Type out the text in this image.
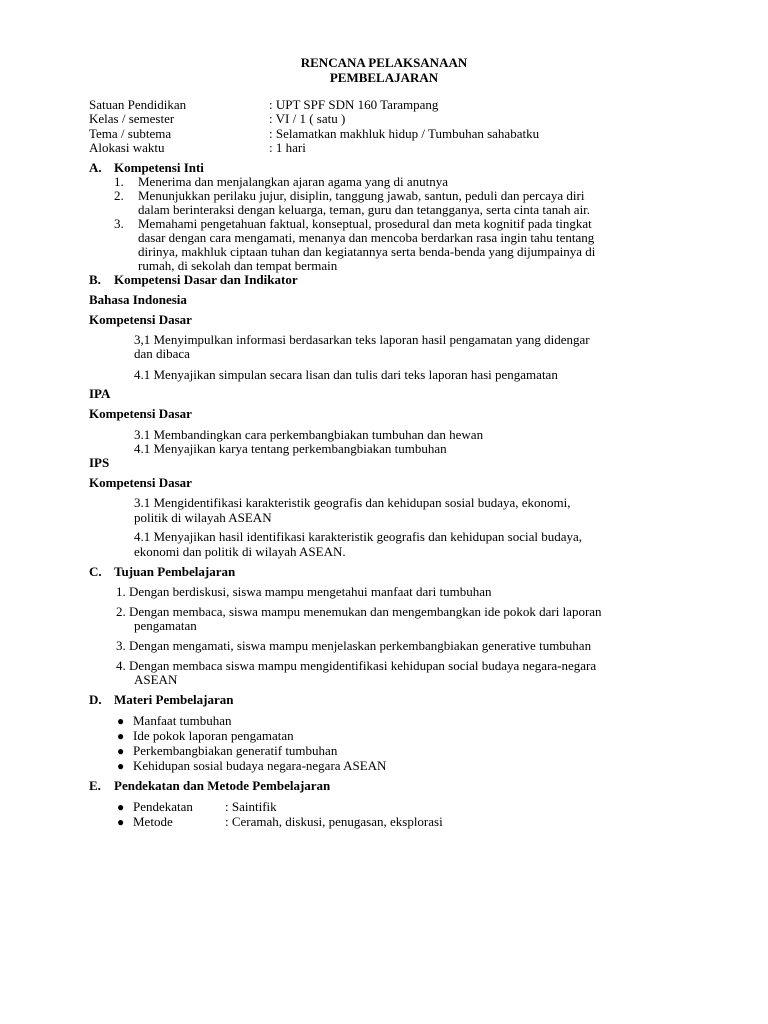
RENCANA PELAKSANAAN
PEMBELAJARAN
Satuan Pendidikan	: UPT SPF SDN 160 Tarampang
Kelas / semester	: VI / 1 ( satu )
Tema / subtema	: Selamatkan makhluk hidup / Tumbuhan sahabatku
Alokasi waktu	: 1 hari
A. Kompetensi Inti
1. Menerima dan menjalangkan ajaran agama yang di anutnya
2. Menunjukkan perilaku jujur, disiplin, tanggung jawab, santun, peduli dan percaya diri
dalam berinteraksi dengan keluarga, teman, guru dan tetangganya, serta cinta tanah air.
3. Memahami pengetahuan faktual, konseptual, prosedural dan meta kognitif pada tingkat
dasar dengan cara mengamati, menanya dan mencoba berdarkan rasa ingin tahu tentang
dirinya, makhluk ciptaan tuhan dan kegiatannya serta benda-benda yang dijumpainya di
rumah, di sekolah dan tempat bermain
B. Kompetensi Dasar dan Indikator
Bahasa Indonesia
Kompetensi Dasar
3,1 Menyimpulkan informasi berdasarkan teks laporan hasil pengamatan yang didengar
dan dibaca
4.1 Menyajikan simpulan secara lisan dan tulis dari teks laporan hasi pengamatan
IPA
Kompetensi Dasar
3.1 Membandingkan cara perkembangbiakan tumbuhan dan hewan
4.1 Menyajikan karya tentang perkembangbiakan tumbuhan
IPS
Kompetensi Dasar
3.1 Mengidentifikasi karakteristik geografis dan kehidupan sosial budaya, ekonomi,
politik di wilayah ASEAN
4.1 Menyajikan hasil identifikasi karakteristik geografis dan kehidupan social budaya,
ekonomi dan politik di wilayah ASEAN.
C. Tujuan Pembelajaran
1. Dengan berdiskusi, siswa mampu mengetahui manfaat dari tumbuhan
2. Dengan membaca, siswa mampu menemukan dan mengembangkan ide pokok dari laporan
pengamatan
3. Dengan mengamati, siswa mampu menjelaskan perkembangbiakan generative tumbuhan
4. Dengan membaca siswa mampu mengidentifikasi kehidupan social budaya negara-negara
ASEAN
D. Materi Pembelajaran
● Manfaat tumbuhan
● Ide pokok laporan pengamatan
● Perkembangbiakan generatif tumbuhan
● Kehidupan sosial budaya negara-negara ASEAN
E. Pendekatan dan Metode Pembelajaran
● Pendekatan : Saintifik
● Metode	: Ceramah, diskusi, penugasan, eksplorasi
